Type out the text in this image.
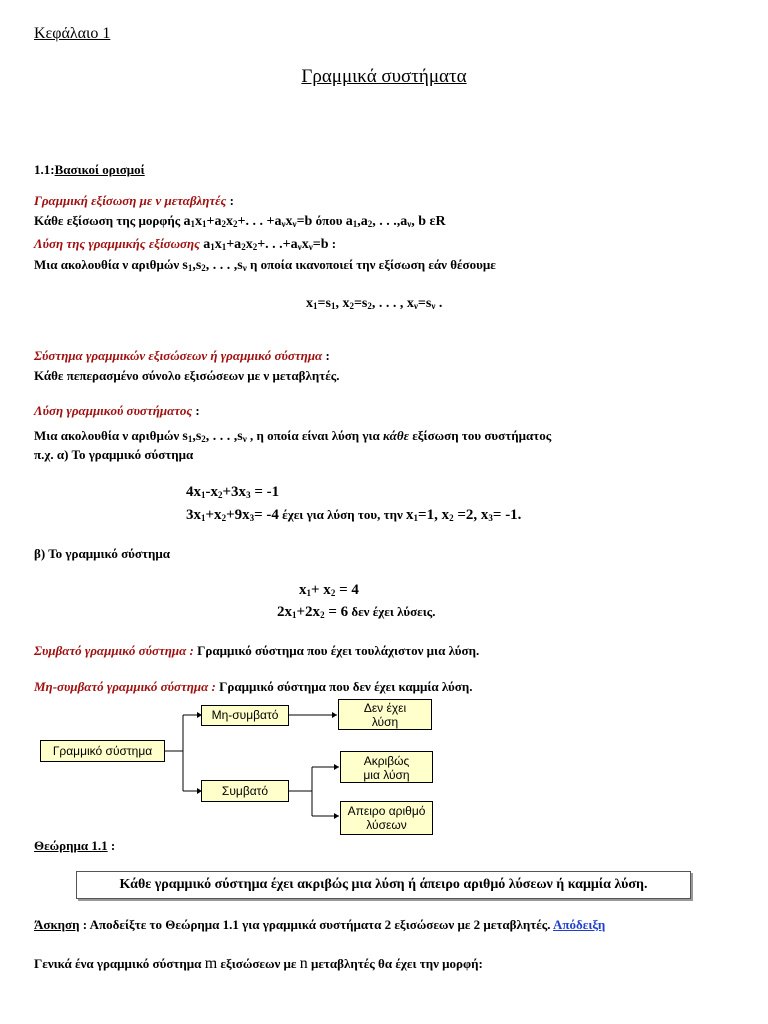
Κεφάλαιο 1
Γραμμικά συστήματα
1.1:Βασικοί ορισμοί
Γραμμική εξίσωση με ν μεταβλητές :
Κάθε εξίσωση της μορφής $a_1x_1+a_2x_2+$. . . $+a_\nu x_\nu=b$ όπου $a_1,a_2$, . . $.,a_\nu$, b εR
Λύση της γραμμικής εξίσωσης $a_1x_1+a_2x_2+$. . $.+a_\nu x_\nu=b$ :
Μια ακολουθία ν αριθμών $s_1,s_2$, . . . $,s_\nu$ η οποία ικανοποιεί την εξίσωση εάν θέσουμε
$x_1=s_1$, $x_2=s_2$, . . . , $x_\nu=s_\nu$ .
Σύστημα γραμμικών εξισώσεων ή γραμμικό σύστημα :
Κάθε πεπερασμένο σύνολο εξισώσεων με ν μεταβλητές.
Λύση γραμμικού συστήματος :
Μια ακολουθία ν αριθμών $s_1,s_2$, . . . $,s_\nu$ , η οποία είναι λύση για κάθε εξίσωση του συστήματος
π.χ. α) Το γραμμικό σύστημα
$4x_1-x_2+3x_3 = -1$
$3x_1+x_2+9x_3= -4$ έχει για λύση του, την $x_1=1$, $x_2 =2$, $x_3= -1$.
β) Το γραμμικό σύστημα
$x_1+ x_2 = 4$
$2x_1+2x_2 = 6$ δεν έχει λύσεις.
Συμβατό γραμμικό σύστημα : Γραμμικό σύστημα που έχει τουλάχιστον μια λύση.
Μη-συμβατό γραμμικό σύστημα : Γραμμικό σύστημα που δεν έχει καμμία λύση.
Γραμμικό σύστημα
Μη-συμβατό
Συμβατό
Δεν έχει λύση
Ακριβώς μια λύση
Απειρο αριθμό λύσεων
Θεώρημα 1.1 :
Κάθε γραμμικό σύστημα έχει ακριβώς μια λύση ή άπειρο αριθμό λύσεων ή καμμία λύση.
Άσκηση : Αποδείξτε το Θεώρημα 1.1 για γραμμικά συστήματα 2 εξισώσεων με 2 μεταβλητές. Απόδειξη
Γενικά ένα γραμμικό σύστημα m εξισώσεων με n μεταβλητές θα έχει την μορφή:
